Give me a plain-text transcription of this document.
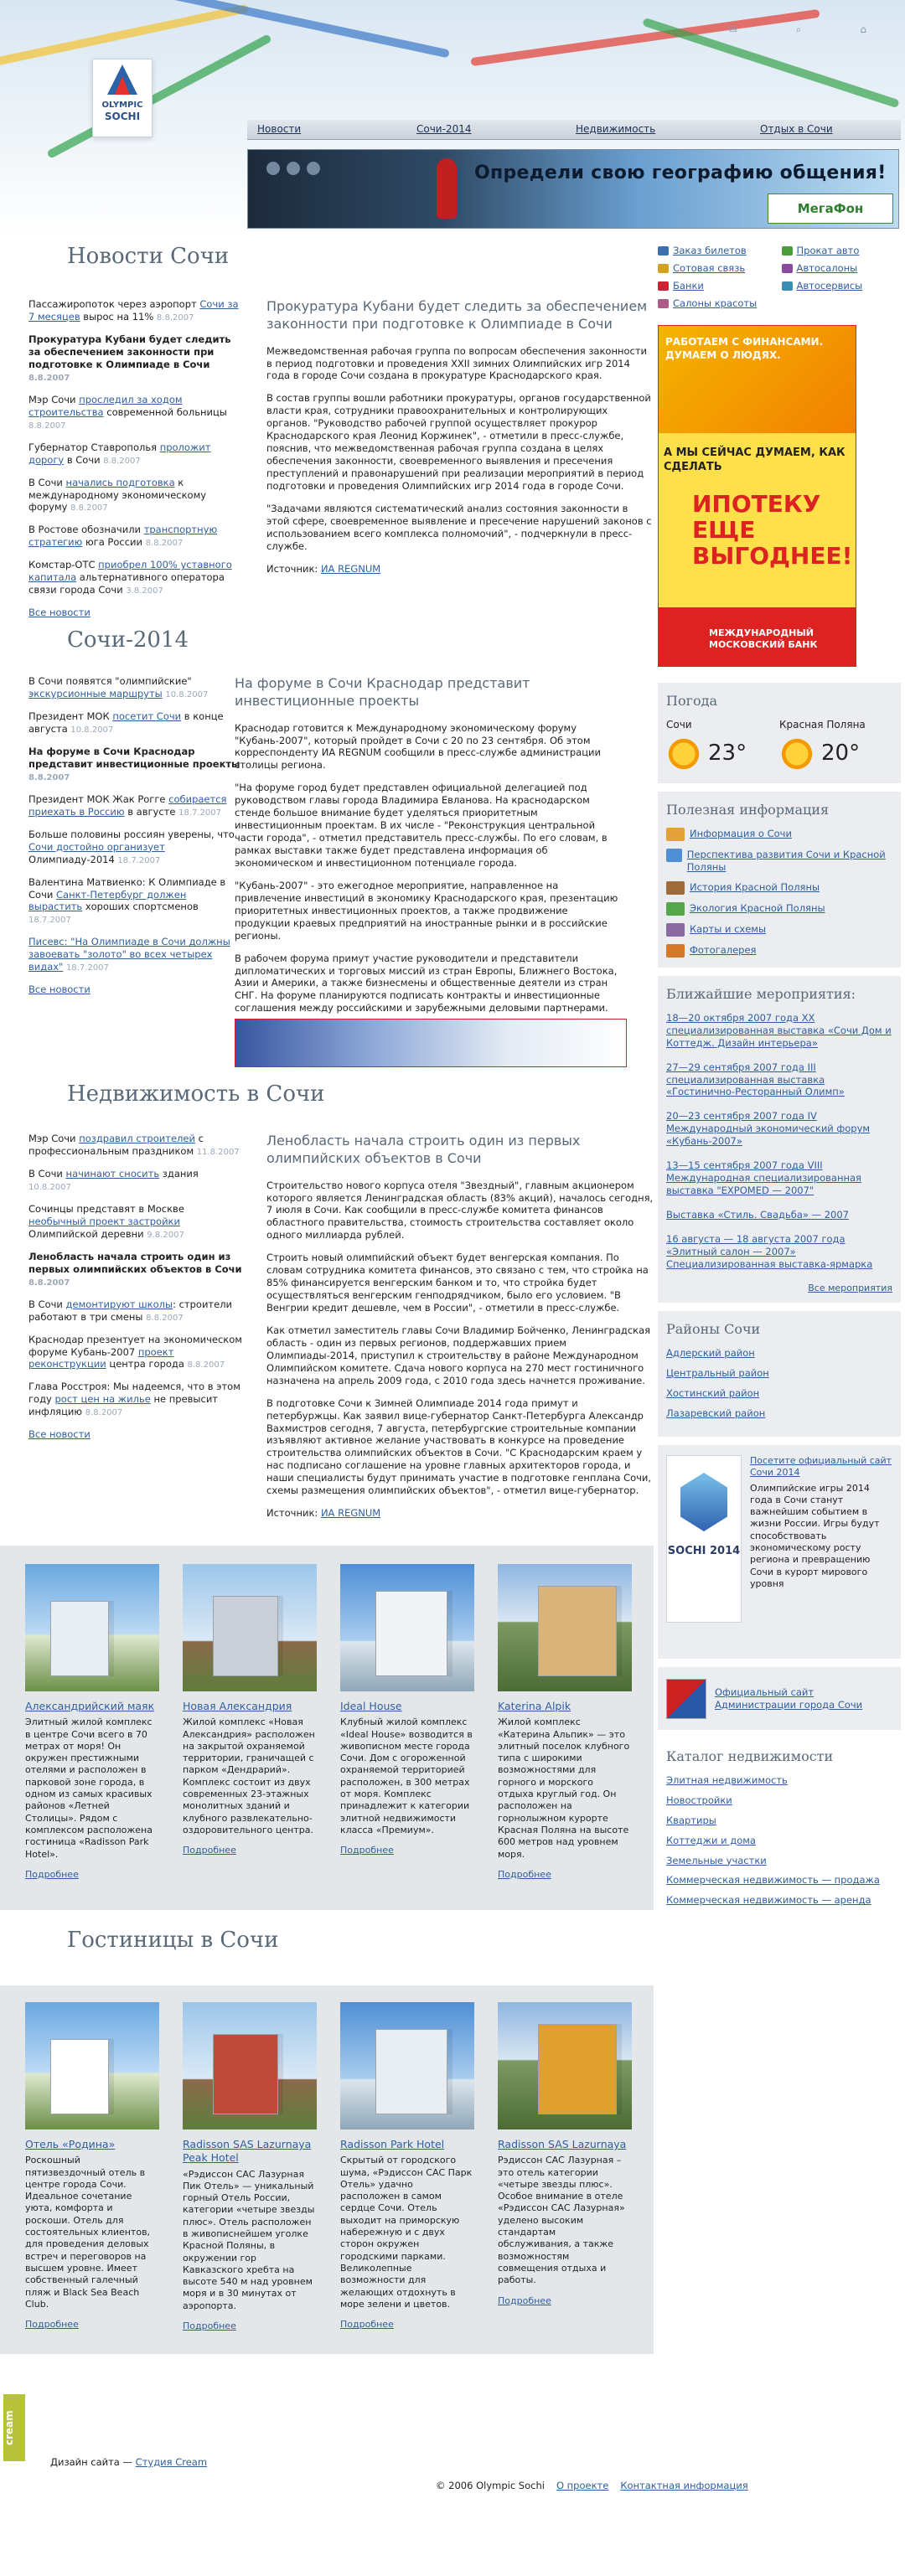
✉	⌕	⌂
OLYMPIC
SOCHI
Новости	Сочи-2014	Недвижимость	Отдых в Сочи
Определи свою географию общения!
МегаФон
Новости Сочи
Пассажиропоток через аэропорт Сочи за 7 месяцев вырос на 11% 8.8.2007
Прокуратура Кубани будет следить за обеспечением законности при подготовке к Олимпиаде в Сочи 8.8.2007
Мэр Сочи проследил за ходом строительства современной больницы 8.8.2007
Губернатор Ставрополья проложит дорогу в Сочи 8.8.2007
В Сочи начались подготовка к международному экономическому форуму 8.8.2007
В Ростове обозначили транспортную стратегию юга России 8.8.2007
Комстар-ОТС приобрел 100% уставного капитала альтернативного оператора связи города Сочи 3.8.2007
Все новости
Прокуратура Кубани будет следить за обеспечением законности при подготовке к Олимпиаде в Сочи

Межведомственная рабочая группа по вопросам обеспечения законности в период подготовки и проведения XXII зимних Олимпийских игр 2014 года в городе Сочи создана в прокуратуре Краснодарского края.

В состав группы вошли работники прокуратуры, органов государственной власти края, сотрудники правоохранительных и контролирующих органов. "Руководство рабочей группой осуществляет прокурор Краснодарского края Леонид Коржинек", - отметили в пресс-службе, пояснив, что межведомственная рабочая группа создана в целях обеспечения законности, своевременного выявления и пресечения преступлений и правонарушений при реализации мероприятий в период подготовки и проведения Олимпийских игр 2014 года в городе Сочи.

"Задачами являются систематический анализ состояния законности в этой сфере, своевременное выявление и пресечение нарушений законов с использованием всего комплекса полномочий", - подчеркнули в пресс-службе.

Источник: ИА REGNUM

Сочи-2014
В Сочи появятся "олимпийские" экскурсионные маршруты 10.8.2007
Президент МОК посетит Сочи в конце августа 10.8.2007
На форуме в Сочи Краснодар представит инвестиционные проекты 8.8.2007
Президент МОК Жак Рогге собирается приехать в Россию в августе 18.7.2007
Больше половины россиян уверены, что Сочи достойно организует Олимпиаду-2014 18.7.2007
Валентина Матвиенко: К Олимпиаде в Сочи Санкт-Петербург должен вырастить хороших спортсменов 18.7.2007
Писевс: "На Олимпиаде в Сочи должны завоевать "золото" во всех четырех видах" 18.7.2007
Все новости
На форуме в Сочи Краснодар представит инвестиционные проекты

Краснодар готовится к Международному экономическому форуму "Кубань-2007", который пройдет в Сочи с 20 по 23 сентября. Об этом корреспонденту ИА REGNUM сообщили в пресс-службе администрации столицы региона.

"На форуме город будет представлен официальной делегацией под руководством главы города Владимира Евланова. На краснодарском стенде большое внимание будет уделяться приоритетным инвестиционным проектам. В их числе - "Реконструкция центральной части города", - отметил представитель пресс-службы. По его словам, в рамках выставки также будет представлена информация об экономическом и инвестиционном потенциале города.

"Кубань-2007" - это ежегодное мероприятие, направленное на привлечение инвестиций в экономику Краснодарского края, презентацию приоритетных инвестиционных проектов, а также продвижение продукции краевых предприятий на иностранные рынки и в российские регионы.

В рабочем форума примут участие руководители и представители дипломатических и торговых миссий из стран Европы, Ближнего Востока, Азии и Америки, а также бизнесмены и общественные деятели из стран СНГ. На форуме планируются подписать контракты и инвестиционные соглашения между российскими и зарубежными деловыми партнерами.

Недвижимость в Сочи
Мэр Сочи поздравил строителей с профессиональным праздником 11.8.2007
В Сочи начинают сносить здания 10.8.2007
Сочинцы представят в Москве необычный проект застройки Олимпийской деревни 9.8.2007
Ленобласть начала строить один из первых олимпийских объектов в Сочи 8.8.2007
В Сочи демонтируют школы: строители работают в три смены 8.8.2007
Краснодар презентует на экономическом форуме Кубань-2007 проект реконструкции центра города 8.8.2007
Глава Росстроя: Мы надеемся, что в этом году рост цен на жилье не превысит инфляцию 8.8.2007
Все новости
Ленобласть начала строить один из первых олимпийских объектов в Сочи

Строительство нового корпуса отеля "Звездный", главным акционером которого является Ленинградская область (83% акций), началось сегодня, 7 июля в Сочи. Как сообщили в пресс-службе комитета финансов областного правительства, стоимость строительства составляет около одного миллиарда рублей.

Строить новый олимпийский объект будет венгерская компания. По словам сотрудника комитета финансов, это связано с тем, что стройка на 85% финансируется венгерским банком и то, что стройка будет осуществляться венгерским генподрядчиком, было его условием. "В Венгрии кредит дешевле, чем в России", - отметили в пресс-службе.

Как отметил заместитель главы Сочи Владимир Бойченко, Ленинградская область - один из первых регионов, поддержавших прием Олимпиады-2014, приступил к строительству в районе Международном Олимпийском комитете. Сдача нового корпуса на 270 мест гостиничного назначена на апрель 2009 года, с 2010 года здесь начнется проживание.

В подготовке Сочи к Зимней Олимпиаде 2014 года примут и петербуржцы. Как заявил вице-губернатор Санкт-Петербурга Александр Вахмистров сегодня, 7 августа, петербургские строительные компании изъявляют активное желание участвовать в конкурсе на проведение строительства олимпийских объектов в Сочи. "С Краснодарским краем у нас подписано соглашение на уровне главных архитекторов города, и наши специалисты будут принимать участие в подготовке генплана Сочи, схемы размещения олимпийских объектов", - отметил вице-губернатор.

Источник: ИА REGNUM

Александрийский маяк
Элитный жилой комплекс в центре Сочи всего в 70 метрах от моря! Он окружен престижными отелями и расположен в парковой зоне города, в одном из самых красивых районов «Летней Столицы». Рядом с комплексом расположена гостиница «Radisson Park Hotel».
Подробнее
Новая Александрия
Жилой комплекс «Новая Александрия» расположен на закрытой охраняемой территории, граничащей с парком «Дендрарий». Комплекс состоит из двух современных 23-этажных монолитных зданий и клубного развлекательно-оздоровительного центра.
Подробнее
Ideal House
Клубный жилой комплекс «Ideal House» возводится в живописном месте города Сочи. Дом с огороженной охраняемой территорией расположен, в 300 метрах от моря. Комплекс принадлежит к категории элитной недвижимости класса «Премиум».
Подробнее
Katerina Alpik
Жилой комплекс «Катерина Альпик» — это элитный поселок клубного типа с широкими возможностями для горного и морского отдыха круглый год. Он расположен на горнолыжном курорте Красная Поляна на высоте 600 метров над уровнем моря.
Подробнее
Гостиницы в Сочи
Отель «Родина»
Роскошный пятизвездочный отель в центре города Сочи. Идеальное сочетание уюта, комфорта и роскоши. Отель для состоятельных клиентов, для проведения деловых встреч и переговоров на высшем уровне. Имеет собственный галечный пляж и Black Sea Beach Club.
Подробнее
Radisson SAS Lazurnaya Peak Hotel
«Рэдиссон САС Лазурная Пик Отель» — уникальный горный Отель России, категории «четыре звезды плюс». Отель расположен в живописнейшем уголке Красной Поляны, в окружении гор Кавказского хребта на высоте 540 м над уровнем моря и в 30 минутах от аэропорта.
Подробнее
Radisson Park Hotel
Скрытый от городского шума, «Рэдиссон САС Парк Отель» удачно расположен в самом сердце Сочи. Отель выходит на приморскую набережную и с двух сторон окружен городскими парками. Великолепные возможности для желающих отдохнуть в море зелени и цветов.
Подробнее
Radisson SAS Lazurnaya
Рэдиссон САС Лазурная – это отель категории «четыре звезды плюс». Особое внимание в отеле «Рэдиссон САС Лазурная» уделено высоким стандартам обслуживания, а также возможностям совмещения отдыха и работы.
Подробнее
Заказ билетов	Прокат авто
Сотовая связь	Автосалоны
Банки	Автосервисы
Салоны красоты
РАБОТАЕМ С ФИНАНСАМИ. ДУМАЕМ О ЛЮДЯХ.
А МЫ СЕЙЧАС ДУМАЕМ, КАК СДЕЛАТЬ
ИПОТЕКУ ЕЩЕ ВЫГОДНЕЕ!
МЕЖДУНАРОДНЫЙ МОСКОВСКИЙ БАНК
Погода
Сочи
23°
Красная Поляна
20°
Полезная информация
Информация о Сочи
Перспектива развития Сочи и Красной Поляны
История Красной Поляны
Экология Красной Поляны
Карты и схемы
Фотогалерея
Ближайшие мероприятия:
18—20 октября 2007 года XX специализированная выставка «Сочи Дом и Коттедж. Дизайн интерьера»
27—29 сентября 2007 года III специализированная выставка «Гостинично-Ресторанный Олимп»
20—23 сентября 2007 года IV Международный экономический форум «Кубань-2007»
13—15 сентября 2007 года VIII Международная специализированная выставка "EXPOMED — 2007"
Выставка «Стиль. Свадьба» — 2007
16 августа — 18 августа 2007 года «Элитный салон — 2007» Специализированная выставка-ярмарка
Все мероприятия
Районы Сочи
Адлерский район
Центральный район
Хостинский район
Лазаревский район
SOCHI 2014
Посетите официальный сайт Сочи 2014
Олимпийские игры 2014 года в Сочи станут важнейшим событием в жизни России. Игры будут способствовать экономическому росту региона и превращению Сочи в курорт мирового уровня
Официальный сайт Администрации города Сочи
Каталог недвижимости
Элитная недвижимость
Новостройки
Квартиры
Коттеджи и дома
Земельные участки
Коммерческая недвижимость — продажа
Коммерческая недвижимость — аренда
cream
Дизайн сайта — Студия Cream
© 2006 Olympic Sochi О проекте Контактная информация
